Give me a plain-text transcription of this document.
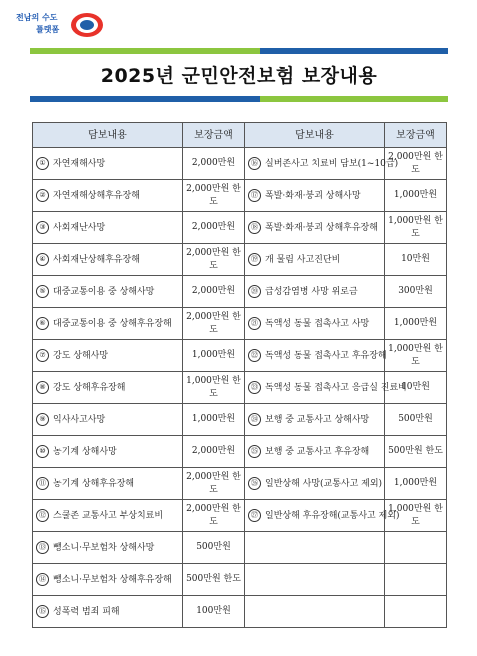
전남의 수도
플랫폼
2025년 군민안전보험 보장내용
담보내용	보장금액	담보내용	보장금액
① 자연재해사망	2,000만원	⑯ 실버존사고 치료비 담보(1~10급)	2,000만원 한도
② 자연재해상해후유장해	2,000만원 한도	⑰ 폭발·화재·붕괴 상해사망	1,000만원
③ 사회재난사망	2,000만원	⑱ 폭발·화재·붕괴 상해후유장해	1,000만원 한도
④ 사회재난상해후유장해	2,000만원 한도	⑲ 개 물림 사고진단비	10만원
⑤ 대중교통이용 중 상해사망	2,000만원	⑳ 급성감염병 사망 위로금	300만원
⑥ 대중교통이용 중 상해후유장해	2,000만원 한도	㉑ 독액성 동물 접촉사고 사망	1,000만원
⑦ 강도 상해사망	1,000만원	㉒ 독액성 동물 접촉사고 후유장해	1,000만원 한도
⑧ 강도 상해후유장해	1,000만원 한도	㉓ 독액성 동물 접촉사고 응급실 진료비	10만원
⑨ 익사사고사망	1,000만원	㉔ 보행 중 교통사고 상해사망	500만원
⑩ 농기계 상해사망	2,000만원	㉕ 보행 중 교통사고 후유장해	500만원 한도
⑪ 농기계 상해후유장해	2,000만원 한도	㉖ 일반상해 사망(교통사고 제외)	1,000만원
⑫ 스쿨존 교통사고 부상치료비	2,000만원 한도	㉗ 일반상해 후유장해(교통사고 제외)	1,000만원 한도
⑬ 뺑소니·무보험차 상해사망	500만원		
⑭ 뺑소니·무보험차 상해후유장해	500만원 한도		
⑮ 성폭력 범죄 피해	100만원		
